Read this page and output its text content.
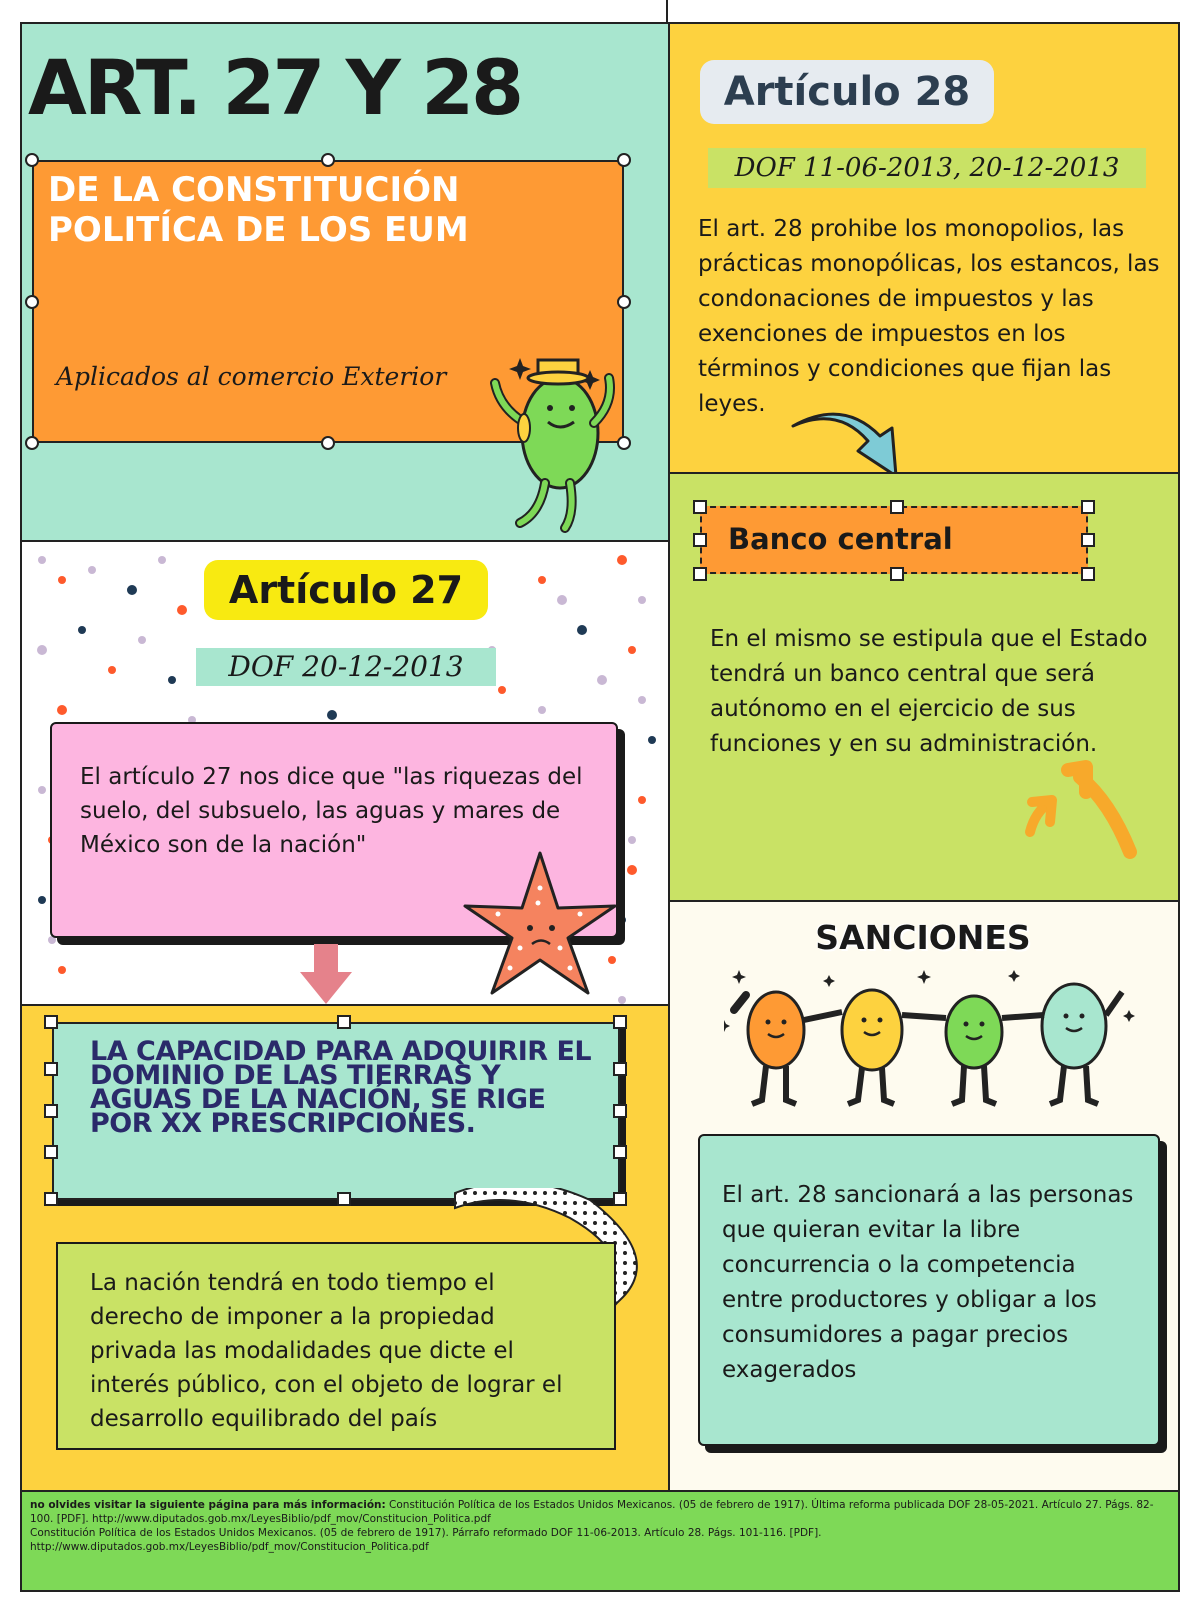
ART. 27 Y 28
DE LA CONSTITUCIÓN POLITÍCA DE LOS EUM
Aplicados al comercio Exterior
Artículo 27
DOF 20-12-2013
El artículo 27 nos dice que "las riquezas del suelo, del subsuelo, las aguas y mares de México son de la nación"
LA CAPACIDAD PARA ADQUIRIR EL DOMINIO DE LAS TIERRAS Y AGUAS DE LA NACIÓN, SE RIGE POR XX PRESCRIPCIONES.
La nación tendrá en todo tiempo el derecho de imponer a la propiedad privada las modalidades que dicte el interés público, con el objeto de lograr el desarrollo equilibrado del país
Artículo 28
DOF 11-06-2013, 20-12-2013
El art. 28 prohibe los monopolios, las prácticas monopólicas, los estancos, las condonaciones de impuestos y las exenciones de impuestos en los términos y condiciones que fijan las leyes.
Banco central
En el mismo se estipula que el Estado tendrá un banco central que será autónomo en el ejercicio de sus funciones y en su administración.
SANCIONES
El art. 28 sancionará a las personas que quieran evitar la libre concurrencia o la competencia entre productores y obligar a los consumidores a pagar precios exagerados
no olvides visitar la siguiente página para más información: Constitución Política de los Estados Unidos Mexicanos. (05 de febrero de 1917). Última reforma publicada DOF 28-05-2021. Artículo 27. Págs. 82-100. [PDF]. http://www.diputados.gob.mx/LeyesBiblio/pdf_mov/Constitucion_Politica.pdf
Constitución Política de los Estados Unidos Mexicanos. (05 de febrero de 1917). Párrafo reformado DOF 11-06-2013. Artículo 28. Págs. 101-116. [PDF]. http://www.diputados.gob.mx/LeyesBiblio/pdf_mov/Constitucion_Politica.pdf
